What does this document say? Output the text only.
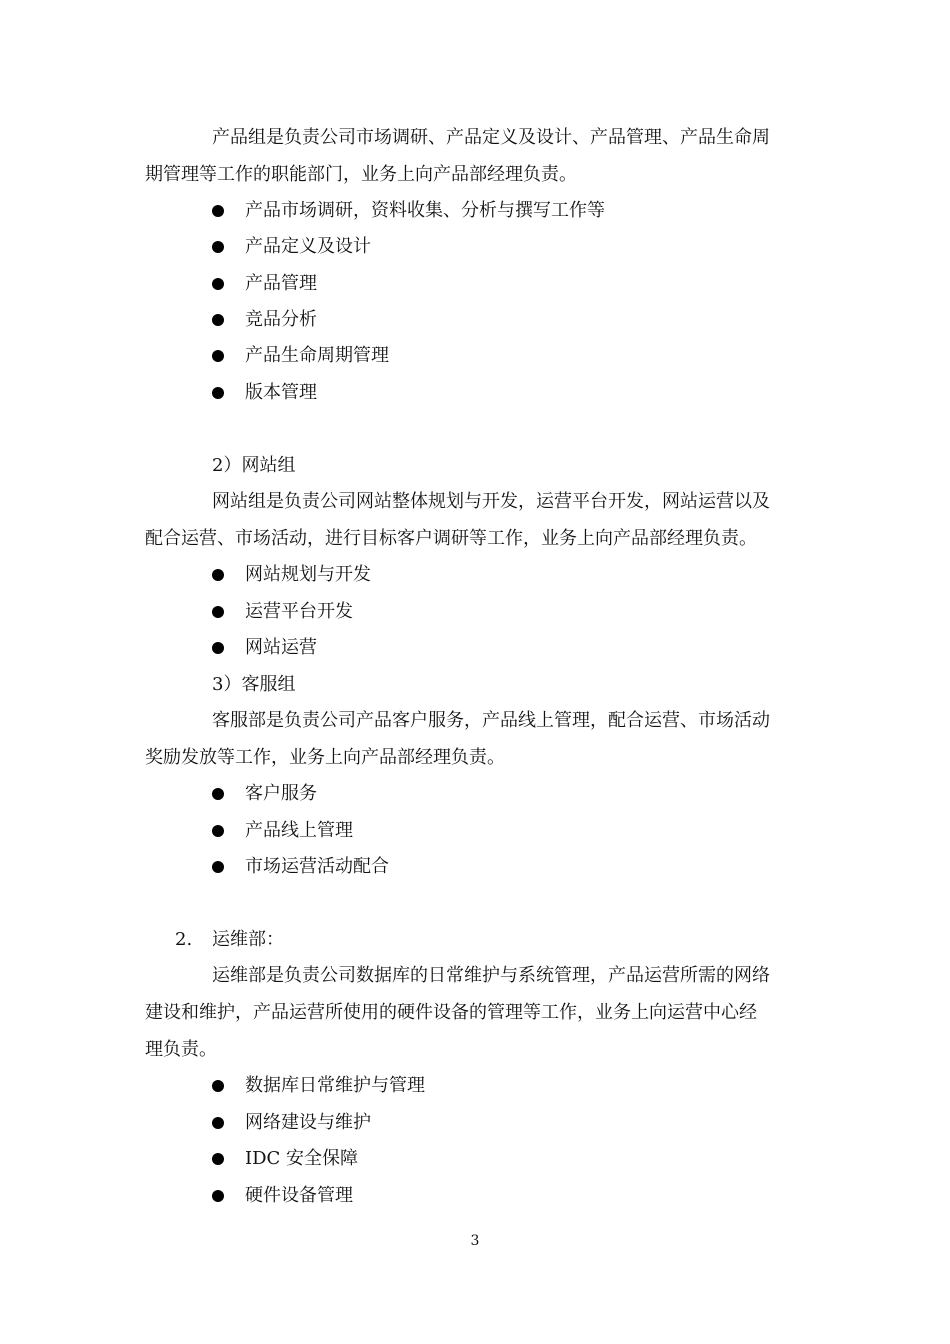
产品组是负责公司市场调研、产品定义及设计、产品管理、产品生命周
期管理等工作的职能部门，业务上向产品部经理负责。
产品市场调研，资料收集、分析与撰写工作等
产品定义及设计
产品管理
竞品分析
产品生命周期管理
版本管理
2）网站组
网站组是负责公司网站整体规划与开发，运营平台开发，网站运营以及
配合运营、市场活动，进行目标客户调研等工作，业务上向产品部经理负责。
网站规划与开发
运营平台开发
网站运营
3）客服组
客服部是负责公司产品客户服务，产品线上管理，配合运营、市场活动
奖励发放等工作，业务上向产品部经理负责。
客户服务
产品线上管理
市场运营活动配合
2. 运维部：
运维部是负责公司数据库的日常维护与系统管理，产品运营所需的网络
建设和维护，产品运营所使用的硬件设备的管理等工作，业务上向运营中心经
理负责。
数据库日常维护与管理
网络建设与维护
IDC 安全保障
硬件设备管理
3
